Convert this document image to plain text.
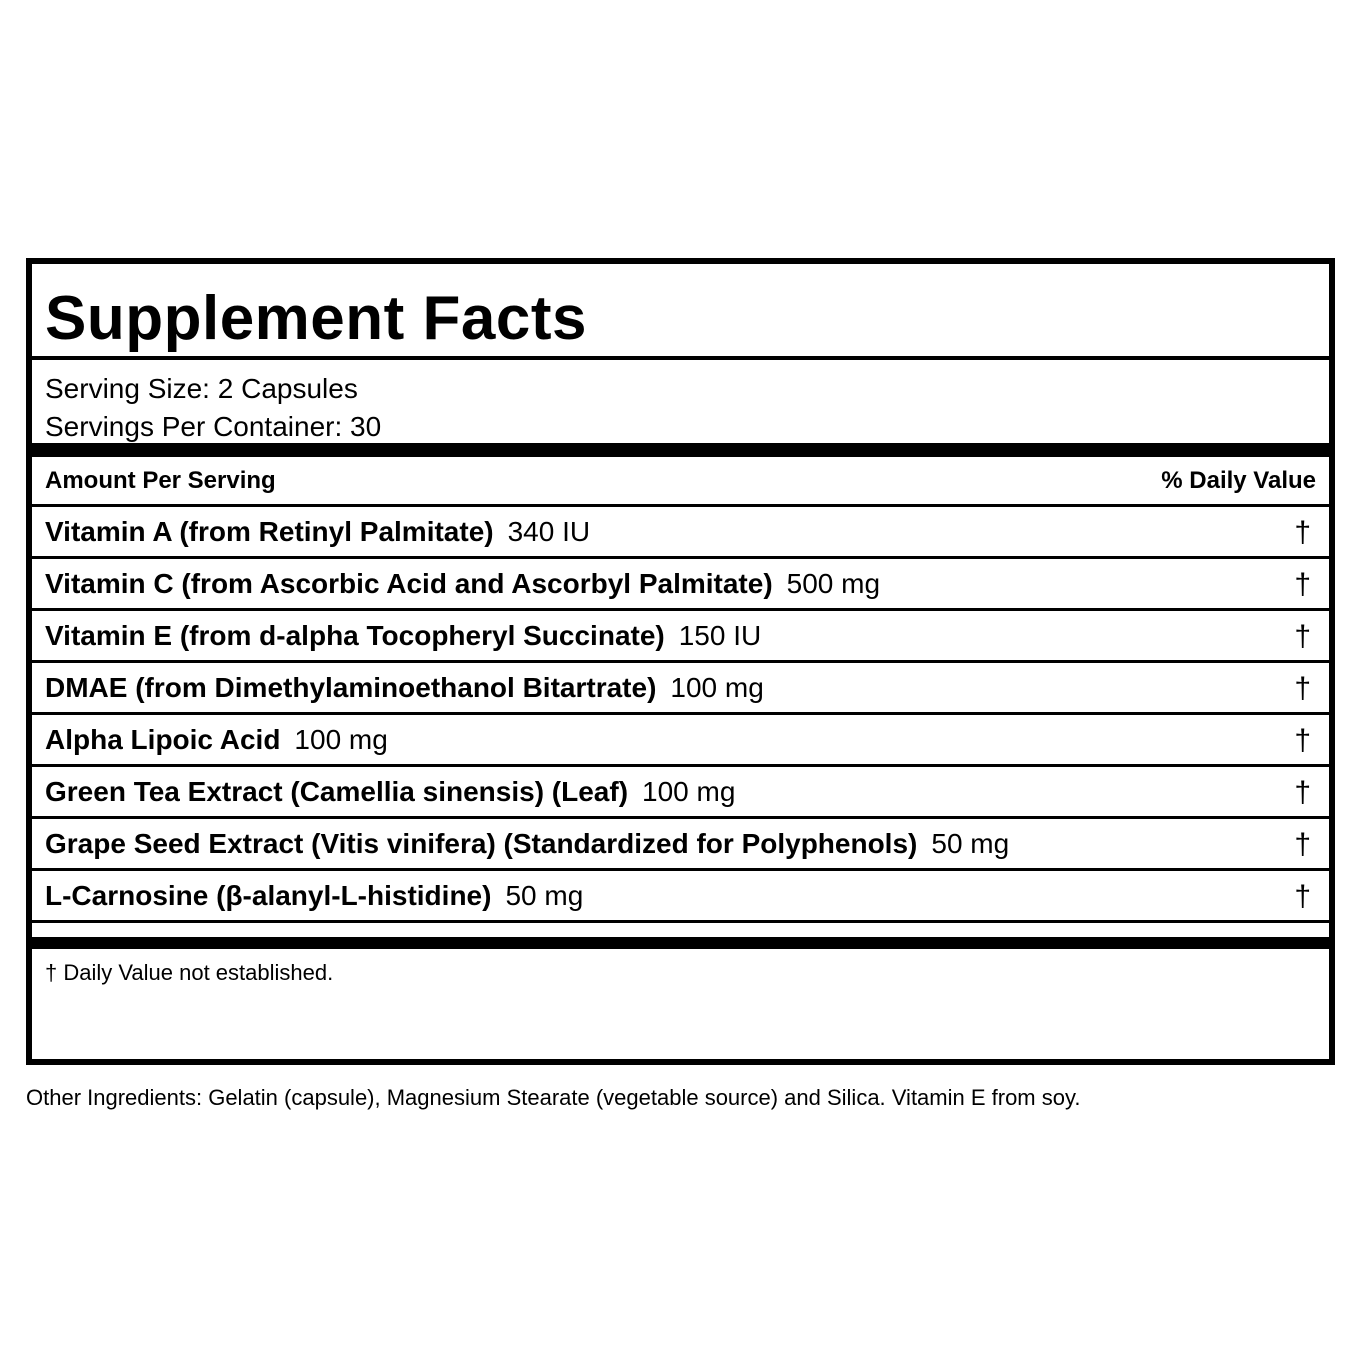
Supplement Facts
Serving Size: 2 Capsules
Servings Per Container: 30
Amount Per Serving	% Daily Value
Vitamin A (from Retinyl Palmitate) 340 IU	†
Vitamin C (from Ascorbic Acid and Ascorbyl Palmitate) 500 mg	†
Vitamin E (from d-alpha Tocopheryl Succinate) 150 IU	†
DMAE (from Dimethylaminoethanol Bitartrate) 100 mg	†
Alpha Lipoic Acid 100 mg	†
Green Tea Extract (Camellia sinensis) (Leaf) 100 mg	†
Grape Seed Extract (Vitis vinifera) (Standardized for Polyphenols) 50 mg	†
L-Carnosine (β-alanyl-L-histidine) 50 mg	†
† Daily Value not established.
Other Ingredients: Gelatin (capsule), Magnesium Stearate (vegetable source) and Silica. Vitamin E from soy.
